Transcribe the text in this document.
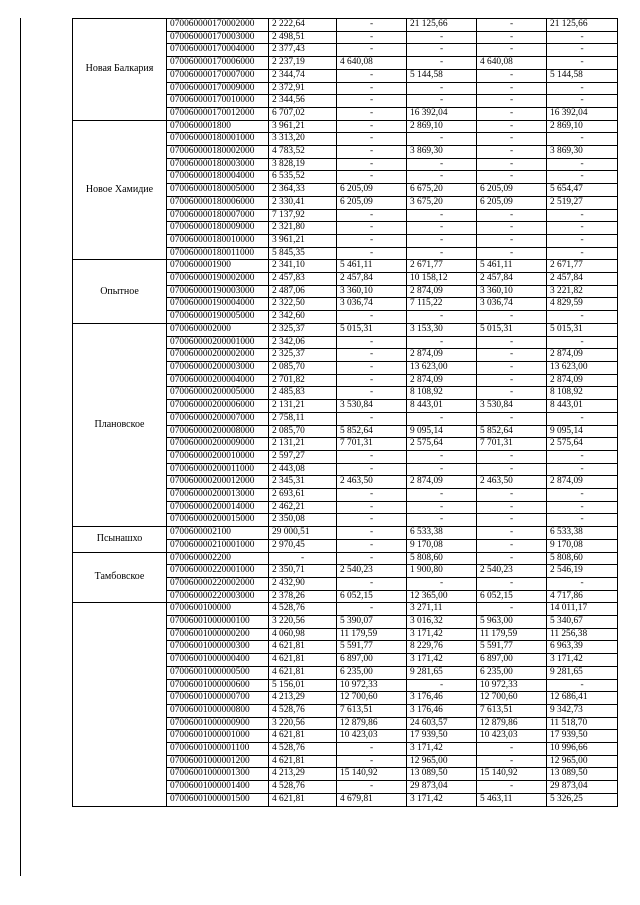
Новая Балкария	070060000170002000	2 222,64	-	21 125,66	-	21 125,66
	070060000170003000	2 498,51	-	-	-	-
	070060000170004000	2 377,43	-	-	-	-
	070060000170006000	2 237,19	4 640,08	-	4 640,08	-
	070060000170007000	2 344,74	-	5 144,58	-	5 144,58
	070060000170009000	2 372,91	-	-	-	-
	070060000170010000	2 344,56	-	-	-	-
	070060000170012000	6 707,02	-	16 392,04	-	16 392,04
Новое Хамидие	0700600001800	3 961,21	-	2 869,10	-	2 869,10
	070060000180001000	3 313,20	-	-	-	-
	070060000180002000	4 783,52	-	3 869,30	-	3 869,30
	070060000180003000	3 828,19	-	-	-	-
	070060000180004000	6 535,52	-	-	-	-
	070060000180005000	2 364,33	6 205,09	6 675,20	6 205,09	5 654,47
	070060000180006000	2 330,41	6 205,09	3 675,20	6 205,09	2 519,27
	070060000180007000	7 137,92	-	-	-	-
	070060000180009000	2 321,80	-	-	-	-
	070060000180010000	3 961,21	-	-	-	-
	070060000180011000	5 845,35	-	-	-	-
Опытное	0700600001900	2 341,10	5 461,11	2 671,77	5 461,11	2 671,77
	070060000190002000	2 457,83	2 457,84	10 158,12	2 457,84	2 457,84
	070060000190003000	2 487,06	3 360,10	2 874,09	3 360,10	3 221,82
	070060000190004000	2 322,50	3 036,74	7 115,22	3 036,74	4 829,59
	070060000190005000	2 342,60	-	-	-	-
Плановское	0700600002000	2 325,37	5 015,31	3 153,30	5 015,31	5 015,31
	070060000200001000	2 342,06	-	-	-	-
	070060000200002000	2 325,37	-	2 874,09	-	2 874,09
	070060000200003000	2 085,70	-	13 623,00	-	13 623,00
	070060000200004000	2 701,82	-	2 874,09	-	2 874,09
	070060000200005000	2 485,83	-	8 108,92	-	8 108,92
	070060000200006000	2 131,21	3 530,84	8 443,01	3 530,84	8 443,01
	070060000200007000	2 758,11	-	-	-	-
	070060000200008000	2 085,70	5 852,64	9 095,14	5 852,64	9 095,14
	070060000200009000	2 131,21	7 701,31	2 575,64	7 701,31	2 575,64
	070060000200010000	2 597,27	-	-	-	-
	070060000200011000	2 443,08	-	-	-	-
	070060000200012000	2 345,31	2 463,50	2 874,09	2 463,50	2 874,09
	070060000200013000	2 693,61	-	-	-	-
	070060000200014000	2 462,21	-	-	-	-
	070060000200015000	2 350,08	-	-	-	-
Псынашхо	0700600002100	29 000,51	-	6 533,38	-	6 533,38
	070060000210001000	2 970,45	-	9 170,08	-	9 170,08
Тамбовское	0700600002200	-	-	5 808,60	-	5 808,60
	070060000220001000	2 350,71	2 540,23	1 900,80	2 540,23	2 546,19
	070060000220002000	2 432,90	-	-	-	-
	070060000220003000	2 378,26	6 052,15	12 365,00	6 052,15	4 717,86
	0700600100000	4 528,76	-	3 271,11	-	14 011,17
	07006001000000100	3 220,56	5 390,07	3 016,32	5 963,00	5 340,67
	07006001000000200	4 060,98	11 179,59	3 171,42	11 179,59	11 256,38
	07006001000000300	4 621,81	5 591,77	8 229,76	5 591,77	6 963,39
	07006001000000400	4 621,81	6 897,00	3 171,42	6 897,00	3 171,42
	07006001000000500	4 621,81	6 235,00	9 281,65	6 235,00	9 281,65
	07006001000000600	5 156,01	10 972,33	-	10 972,33	-
	07006001000000700	4 213,29	12 700,60	3 176,46	12 700,60	12 686,41
	07006001000000800	4 528,76	7 613,51	3 176,46	7 613,51	9 342,73
	07006001000000900	3 220,56	12 879,86	24 603,57	12 879,86	11 518,70
	07006001000001000	4 621,81	10 423,03	17 939,50	10 423,03	17 939,50
	07006001000001100	4 528,76	-	3 171,42	-	10 996,66
	07006001000001200	4 621,81	-	12 965,00	-	12 965,00
	07006001000001300	4 213,29	15 140,92	13 089,50	15 140,92	13 089,50
	07006001000001400	4 528,76	-	29 873,04	-	29 873,04
	07006001000001500	4 621,81	4 679,81	3 171,42	5 463,11	5 326,25
